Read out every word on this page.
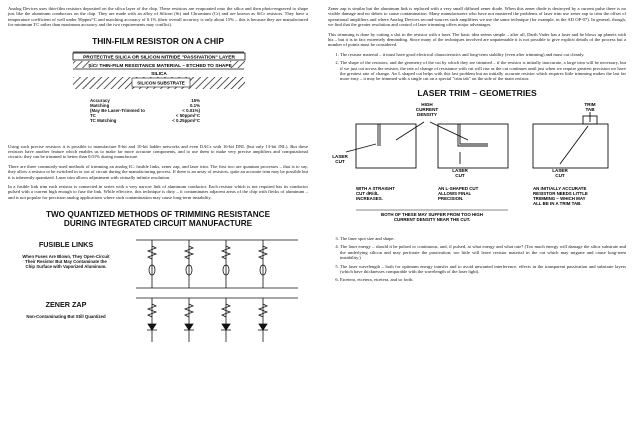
Analog Devices uses thin-film resistors deposited on the silica layer of the chip. These resistors are evaporated onto the silica and then photo-engraved to shape just like the aluminum conductors on the chip. They are made with an alloy of Silicon (Si) and Chromium (Cr) and are known as SiCr resistors. They have a temperature coefficient of well under 50ppm/°C and matching accuracy of 0.1% (their overall accuracy is only about 15% – this is because they are manufactured for minimum TC rather than maximum accuracy and the two requirements may conflict).

THIN-FILM RESISTOR ON A CHIP
PROTECTIVE SILICA OR SILICON NITRIDE "PASSIVATION" LAYER
SiCr THIN-FILM RESISTANCE MATERIAL – ETCHED TO SHAPE
SILICA
SILICON SUBSTRATE
Accuracy	15%
Matching	0.1%
(May Be Laser-Trimmed to	< 0.01%)
TC	< 50ppm/°C
TC Matching	< 0.25ppm/°C

Using such precise resistors it is possible to manufacture 8-bit and 10-bit ladder networks and even DACs with 16-bit DNL (but only 13-bit INL). But these resistors have another feature which enables us to make far more accurate components, and to use them to make very precise amplifiers and computational circuits: they can be trimmed to better than 0.01% during manufacture.

There are three commonly-used methods of trimming an analog IC: fusible links, zener zap, and laser trim. The first two are quantum processes – that is to say, they allow a resistor to be switched in or out of circuit during the manufacturing process. If there is an array of resistors, quite an accurate trim may be possible but it is inherently quantized. Laser trim allows adjustment with virtually infinite resolution.

In a fusible link trim each resistor is connected in series with a very narrow link of aluminum conductor. Each resistor which is not required has its conductor pulsed with a current high enough to fuse the link. While effective, this technique is dirty – it contaminates adjacent areas of the chip with flecks of aluminum – and is not popular for precision analog applications where such contamination may cause long-term instability.

TWO QUANTIZED METHODS OF TRIMMING RESISTANCE
DURING INTEGRATED CIRCUIT MANUFACTURE
FUSIBLE LINKS
When Fuses Are Blown, They Open-Circuit
Their Resistor But May Contaminate the
Chip Surface with Vaporized Aluminum.
ZENER ZAP
Non-Contaminating But Still Quantized

Zener zap is similar but the aluminum link is replaced with a very small diffused zener diode. When this zener diode is destroyed by a current pulse there is no visible damage and no debris to cause contamination. Many manufacturers who have not mastered the problems of laser trim use zener zap to trim the offset of operational amplifiers and where Analog Devices second-sources such amplifiers we use the same technique (for example, in the AD OP-07). In general, though, we find that the greater resolution and control of laser trimming offers major advantages.

This trimming is done by cutting a slot in the resistor with a laser. The basic idea seems simple – after all, Darth Vader has a laser and he blows up planets with his – but it is in fact extremely demanding. Since many of the techniques involved are unpatentable it is not possible to give explicit details of the process but a number of points must be considered.

1. The resistor material – it must have good electrical characteristics and long-term stability (even after trimming) and must cut cleanly.
2. The shape of the resistors, and the geometry of the cut by which they are trimmed – if the resistor is initially inaccurate, a large trim will be necessary, but if we just cut across the resistor, the rate of change of resistance with cut will rise as the cut continues until just when we require greatest precision we have the greatest rate of change. An L shaped cut helps with this last problem but an initially accurate resistor which requires little trimming makes the last far more easy – it may be trimmed with a single cut on a special "trim tab" on the side of the main resistor.
LASER TRIM – GEOMETRIES
HIGH
CURRENT
DENSITY
TRIM
TAB
LASER
CUT
LASER
CUT
LASER
CUT
WITH A STRAIGHT
CUT dR/dL
INCREASES.
AN L-SHAPED CUT
ALLOWS FINAL
PRECISION.
AN INITIALLY ACCURATE
RESISTOR NEEDS LITTLE
TRIMMING – WHICH MAY
ALL BE IN A TRIM TAB.
BOTH OF THESE MAY SUFFER FROM TOO HIGH
CURRENT DENSITY NEAR THE CUT.
3. The laser spot size and shape.
4. The laser energy – should it be pulsed or continuous, and, if pulsed, at what energy and what rate? (Too much energy will damage the silica substrate and the underlying silicon and may perforate the passivation; too little will leave resistor material in the cut which may migrate and cause long-term instability.)
5. The laser wavelength – both for optimum energy transfer and to avoid unwanted interference, effects in the transparent passivation and substrate layers (which have thicknesses comparable with the wavelength of the laser light).
6. Etcetera, etcetera, etcetera, and so forth.
